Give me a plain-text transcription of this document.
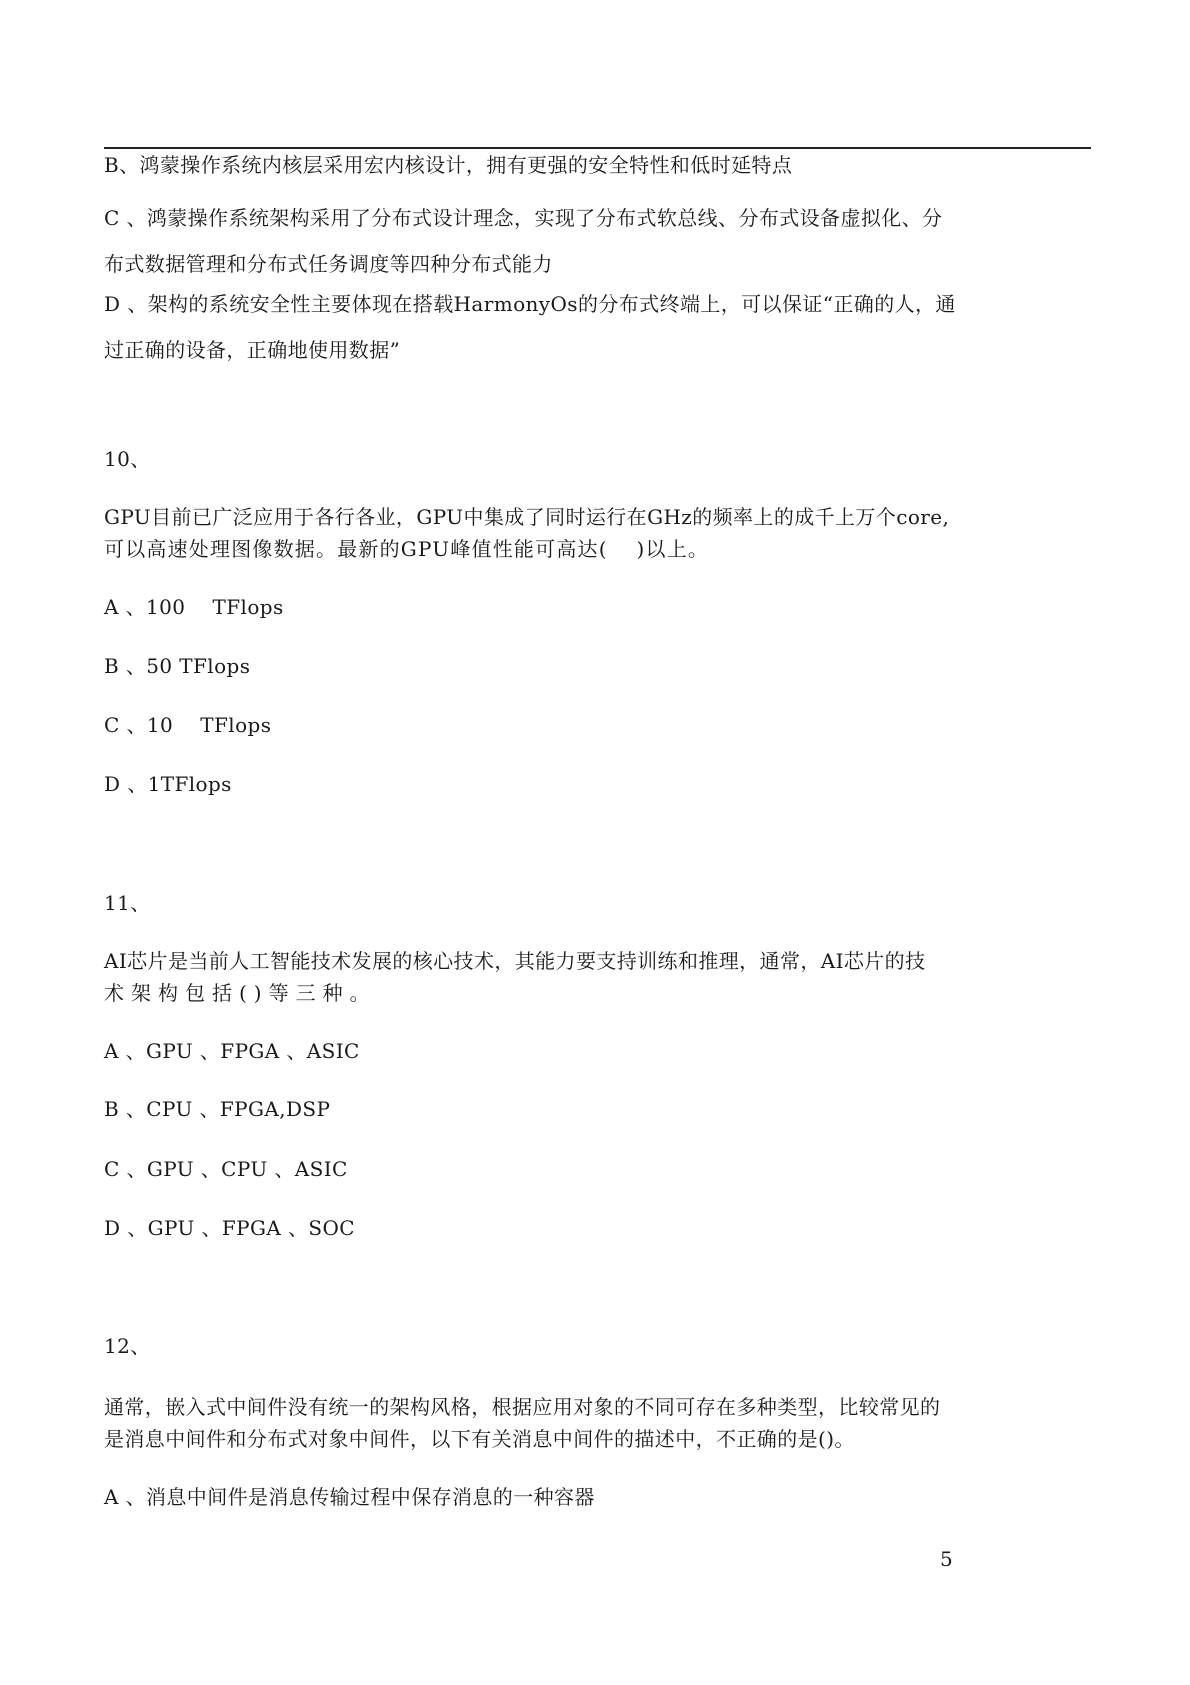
B、鸿蒙操作系统内核层采用宏内核设计，拥有更强的安全特性和低时延特点
C 、鸿蒙操作系统架构采用了分布式设计理念，实现了分布式软总线、分布式设备虚拟化、分
布式数据管理和分布式任务调度等四种分布式能力
D 、架构的系统安全性主要体现在搭载HarmonyOs的分布式终端上，可以保证“正确的人，通
过正确的设备，正确地使用数据”
10、
GPU目前已广泛应用于各行各业，GPU中集成了同时运行在GHz的频率上的成千上万个core,
可以高速处理图像数据。最新的GPU峰值性能可高达(　 )以上。
A 、100　 TFlops
B 、50 TFlops
C 、10　 TFlops
D 、1TFlops
11、
AI芯片是当前人工智能技术发展的核心技术，其能力要支持训练和推理，通常，AI芯片的技
术架构包括()等三种。
A 、GPU 、FPGA 、ASIC
B 、CPU 、FPGA,DSP
C 、GPU 、CPU 、ASIC
D 、GPU 、FPGA 、SOC
12、
通常，嵌入式中间件没有统一的架构风格，根据应用对象的不同可存在多种类型，比较常见的
是消息中间件和分布式对象中间件，以下有关消息中间件的描述中，不正确的是()。
A 、消息中间件是消息传输过程中保存消息的一种容器
5
